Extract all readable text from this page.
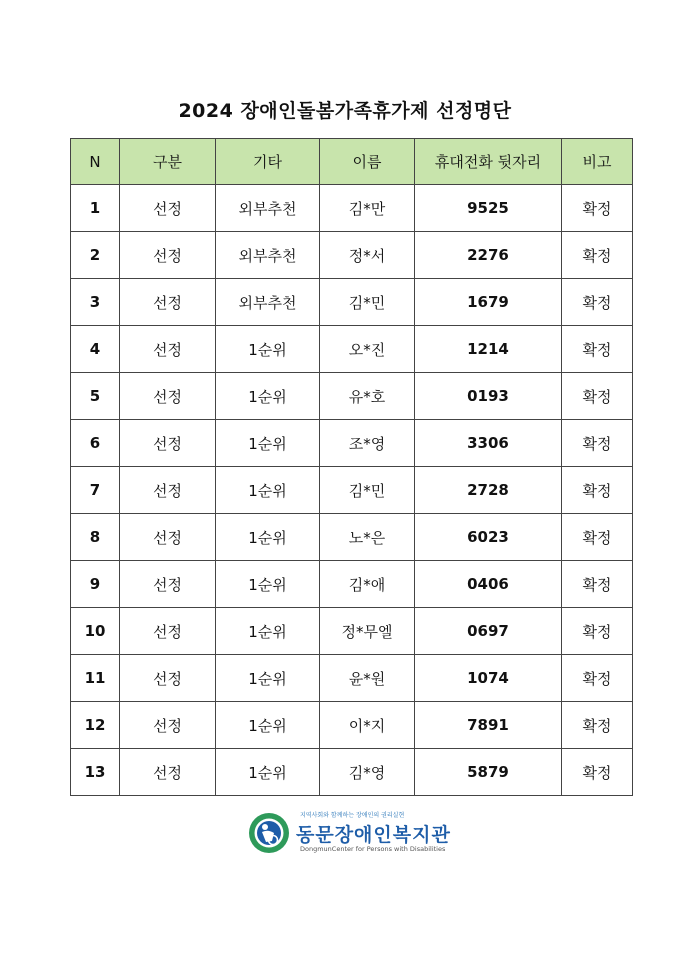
2024 장애인돌봄가족휴가제 선정명단
N	구분	기타	이름	휴대전화 뒷자리	비고
1	선정	외부추천	김*만	9525	확정
2	선정	외부추천	정*서	2276	확정
3	선정	외부추천	김*민	1679	확정
4	선정	1순위	오*진	1214	확정
5	선정	1순위	유*호	0193	확정
6	선정	1순위	조*영	3306	확정
7	선정	1순위	김*민	2728	확정
8	선정	1순위	노*은	6023	확정
9	선정	1순위	김*애	0406	확정
10	선정	1순위	정*무엘	0697	확정
11	선정	1순위	윤*원	1074	확정
12	선정	1순위	이*지	7891	확정
13	선정	1순위	김*영	5879	확정
지역사회와 함께하는 장애인의 권리실현
동문장애인복지관
DongmunCenter for Persons with Disabilities
